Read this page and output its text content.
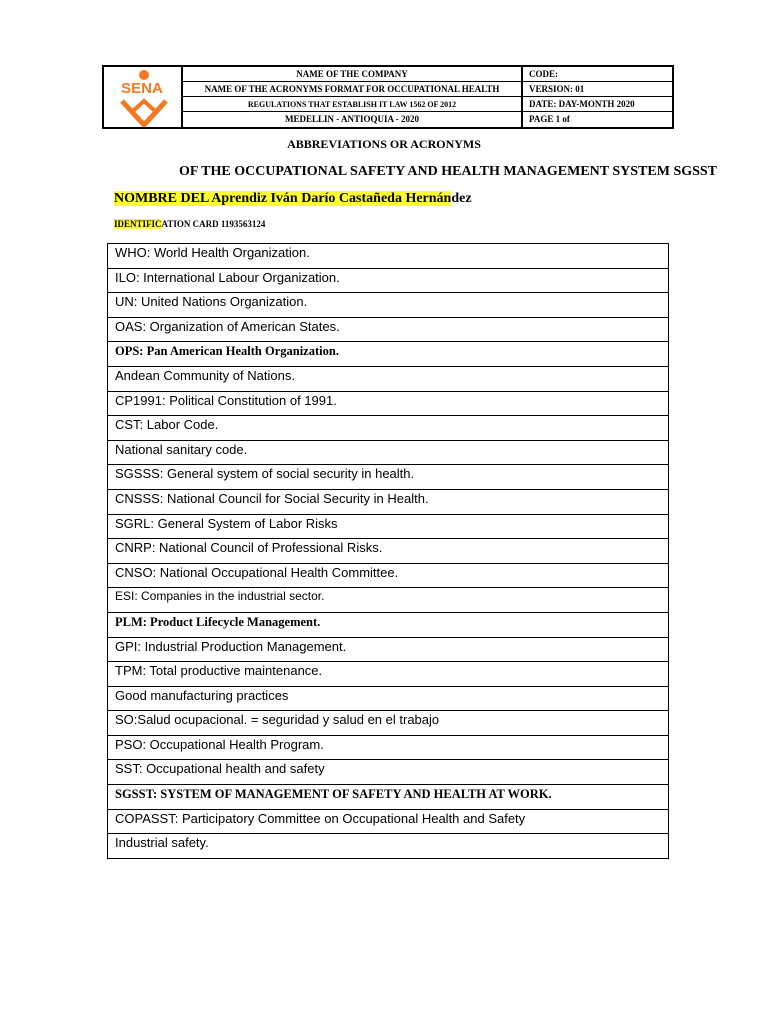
SENA
NAME OF THE COMPANY	CODE:
NAME OF THE ACRONYMS FORMAT FOR OCCUPATIONAL HEALTH	VERSION: 01
REGULATIONS THAT ESTABLISH IT LAW 1562 OF 2012	DATE: DAY-MONTH 2020
MEDELLIN - ANTIOQUIA - 2020	PAGE 1 of
ABBREVIATIONS OR ACRONYMS
OF THE OCCUPATIONAL SAFETY AND HEALTH MANAGEMENT SYSTEM SGSST
NOMBRE DEL Aprendiz Iván Darío Castañeda Hernández
IDENTIFICATION CARD 1193563124
WHO: World Health Organization.
ILO: International Labour Organization.
UN: United Nations Organization.
OAS: Organization of American States.
OPS: Pan American Health Organization.
Andean Community of Nations.
CP1991: Political Constitution of 1991.
CST: Labor Code.
National sanitary code.
SGSSS: General system of social security in health.
CNSSS: National Council for Social Security in Health.
SGRL: General System of Labor Risks
CNRP: National Council of Professional Risks.
CNSO: National Occupational Health Committee.
ESI: Companies in the industrial sector.
PLM: Product Lifecycle Management.
GPI: Industrial Production Management.
TPM: Total productive maintenance.
Good manufacturing practices
SO:Salud ocupacional. = seguridad y salud en el trabajo
PSO: Occupational Health Program.
SST: Occupational health and safety
SGSST: SYSTEM OF MANAGEMENT OF SAFETY AND HEALTH AT WORK.
COPASST: Participatory Committee on Occupational Health and Safety
Industrial safety.
